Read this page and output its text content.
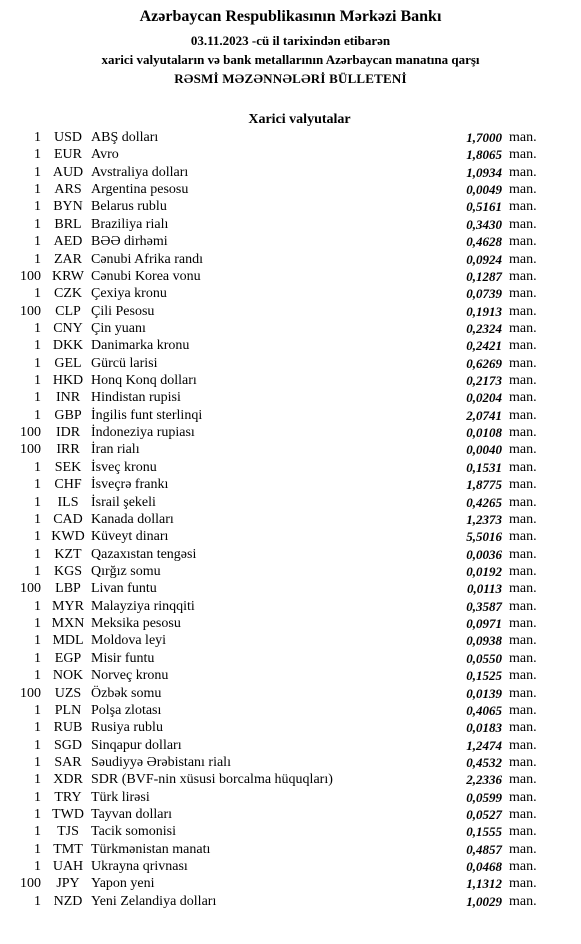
Azərbaycan Respublikasının Mərkəzi Bankı
03.11.2023 -cü il tarixindən etibarən
xarici valyutaların və bank metallarının Azərbaycan manatına qarşı
RƏSMİ MƏZƏNNƏLƏRİ BÜLLETENİ
Xarici valyutalar
1 USD ABŞ dolları	1,7000 man.
1 EUR Avro	1,8065 man.
1 AUD Avstraliya dolları	1,0934 man.
1 ARS Argentina pesosu	0,0049 man.
1 BYN Belarus rublu	0,5161 man.
1 BRL Braziliya rialı	0,3430 man.
1 AED BƏƏ dirhəmi	0,4628 man.
1 ZAR Cənubi Afrika randı	0,0924 man.
100 KRW Cənubi Korea vonu	0,1287 man.
1 CZK Çexiya kronu	0,0739 man.
100 CLP Çili Pesosu	0,1913 man.
1 CNY Çin yuanı	0,2324 man.
1 DKK Danimarka kronu	0,2421 man.
1 GEL Gürcü larisi	0,6269 man.
1 HKD Honq Konq dolları	0,2173 man.
1	INR Hindistan rupisi	0,0204 man.
1 GBP İngilis funt sterlinqi	2,0741 man.
100	IDR İndoneziya rupiası	0,0108 man.
100	IRR İran rialı	0,0040 man.
1 SEK İsveç kronu	0,1531 man.
1 CHF İsveçrə frankı	1,8775 man.
1	ILS İsrail şekeli	0,4265 man.
1 CAD Kanada dolları	1,2373 man.
1 KWD Küveyt dinarı	5,5016 man.
1 KZT Qazaxıstan tengəsi	0,0036 man.
1 KGS Qırğız somu	0,0192 man.
100 LBP Livan funtu	0,0113 man.
1 MYR Malayziya rinqqiti	0,3587 man.
1 MXN Meksika pesosu	0,0971 man.
1 MDL Moldova leyi	0,0938 man.
1 EGP Misir funtu	0,0550 man.
1 NOK Norveç kronu	0,1525 man.
100 UZS Özbək somu	0,0139 man.
1 PLN Polşa zlotası	0,4065 man.
1 RUB Rusiya rublu	0,0183 man.
1 SGD Sinqapur dolları	1,2474 man.
1 SAR Səudiyyə Ərəbistanı rialı	0,4532 man.
1 XDR SDR (BVF-nin xüsusi borcalma hüquqları)	2,2336 man.
1 TRY Türk lirəsi	0,0599 man.
1 TWD Tayvan dolları	0,0527 man.
1	TJS Tacik somonisi	0,1555 man.
1 TMT Türkmənistan manatı	0,4857 man.
1 UAH Ukrayna qrivnası	0,0468 man.
100	JPY Yapon yeni	1,1312 man.
1 NZD Yeni Zelandiya dolları	1,0029 man.
